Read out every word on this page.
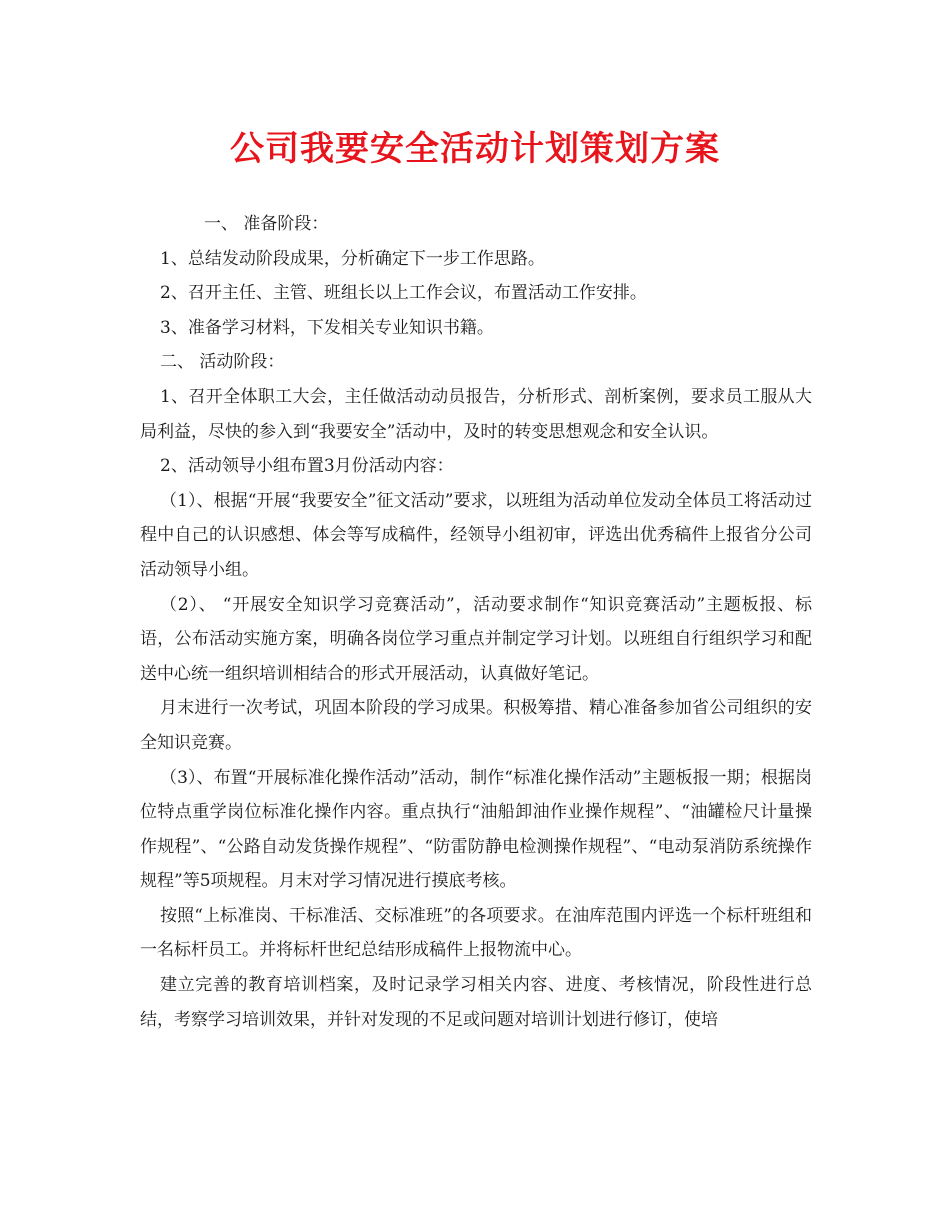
公司我要安全活动计划策划方案

一、 准备阶段：

1、总结发动阶段成果，分析确定下一步工作思路。

2、召开主任、主管、班组长以上工作会议，布置活动工作安排。

3、准备学习材料，下发相关专业知识书籍。

二、 活动阶段：

1、召开全体职工大会，主任做活动动员报告，分析形式、剖析案例，要求员工服从大局利益，尽快的参入到“我要安全”活动中，及时的转变思想观念和安全认识。

2、活动领导小组布置3月份活动内容：

（1）、根据“开展“我要安全”征文活动”要求，以班组为活动单位发动全体员工将活动过程中自己的认识感想、体会等写成稿件，经领导小组初审，评选出优秀稿件上报省分公司活动领导小组。

（2）、 “开展安全知识学习竞赛活动”，活动要求制作“知识竞赛活动”主题板报、标语，公布活动实施方案，明确各岗位学习重点并制定学习计划。以班组自行组织学习和配送中心统一组织培训相结合的形式开展活动，认真做好笔记。

月末进行一次考试，巩固本阶段的学习成果。积极筹措、精心准备参加省公司组织的安全知识竞赛。

（3）、布置“开展标准化操作活动”活动，制作“标准化操作活动”主题板报一期；根据岗位特点重学岗位标准化操作内容。重点执行“油船卸油作业操作规程”、“油罐检尺计量操作规程”、“公路自动发货操作规程”、“防雷防静电检测操作规程”、“电动泵消防系统操作规程”等5项规程。月末对学习情况进行摸底考核。

按照“上标准岗、干标准活、交标准班”的各项要求。在油库范围内评选一个标杆班组和一名标杆员工。并将标杆世纪总结形成稿件上报物流中心。

建立完善的教育培训档案，及时记录学习相关内容、进度、考核情况，阶段性进行总结，考察学习培训效果，并针对发现的不足或问题对培训计划进行修订，使培
